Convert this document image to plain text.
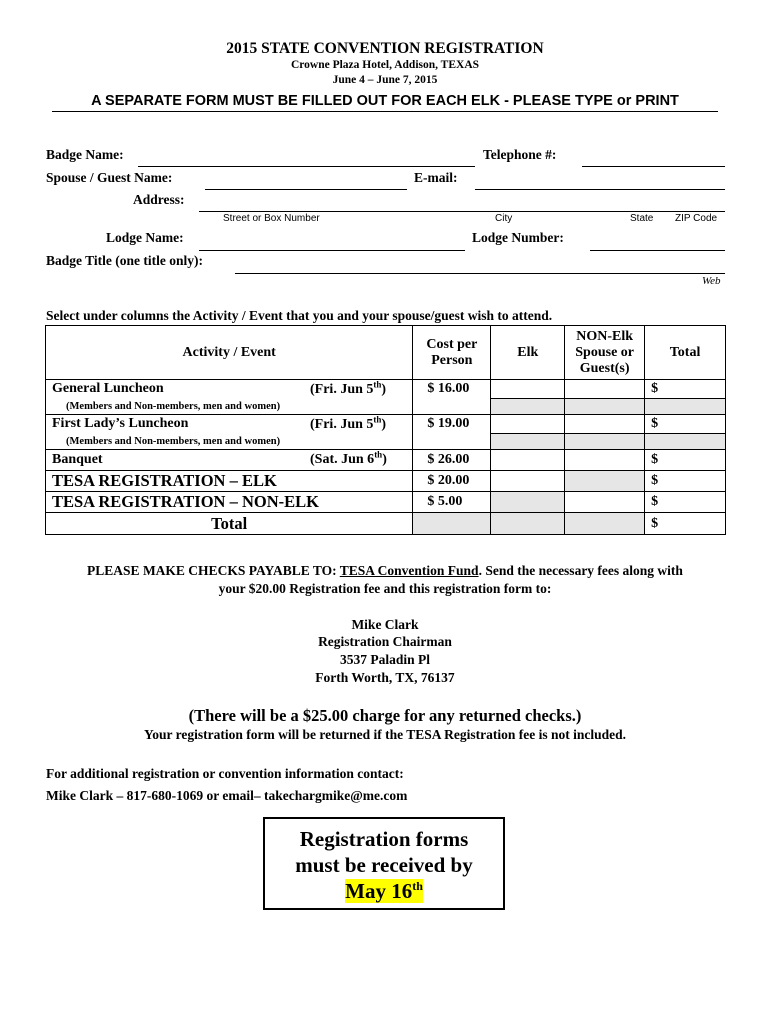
2015 STATE CONVENTION REGISTRATION
Crowne Plaza Hotel, Addison, TEXAS
June 4 – June 7, 2015
A SEPARATE FORM MUST BE FILLED OUT FOR EACH ELK - PLEASE TYPE or PRINT
Badge Name:	Telephone #:
Spouse / Guest Name:	E-mail:
Address:
Street or Box Number	City	State ZIP Code
Lodge Name:	Lodge Number:
Badge Title (one title only):
Web
Select under columns the Activity / Event that you and your spouse/guest wish to attend.
Activity / Event	Cost per Person	Elk	NON-Elk Spouse or Guest(s)	Total
General Luncheon (Fri. Jun 5th)	$ 16.00			$
(Members and Non-members, men and women)				
First Lady’s Luncheon (Fri. Jun 5th)	$ 19.00			$
(Members and Non-members, men and women)				
Banquet (Sat. Jun 6th)	$ 26.00			$
TESA REGISTRATION – ELK	$ 20.00			$
TESA REGISTRATION – NON-ELK	$ 5.00			$
Total				$
PLEASE MAKE CHECKS PAYABLE TO: TESA Convention Fund. Send the necessary fees along with
your $20.00 Registration fee and this registration form to:
Mike Clark
Registration Chairman
3537 Paladin Pl
Forth Worth, TX, 76137
(There will be a $25.00 charge for any returned checks.)
Your registration form will be returned if the TESA Registration fee is not included.
For additional registration or convention information contact:
Mike Clark – 817-680-1069 or email– takechargmike@me.com
Registration forms
must be received by
May 16th
